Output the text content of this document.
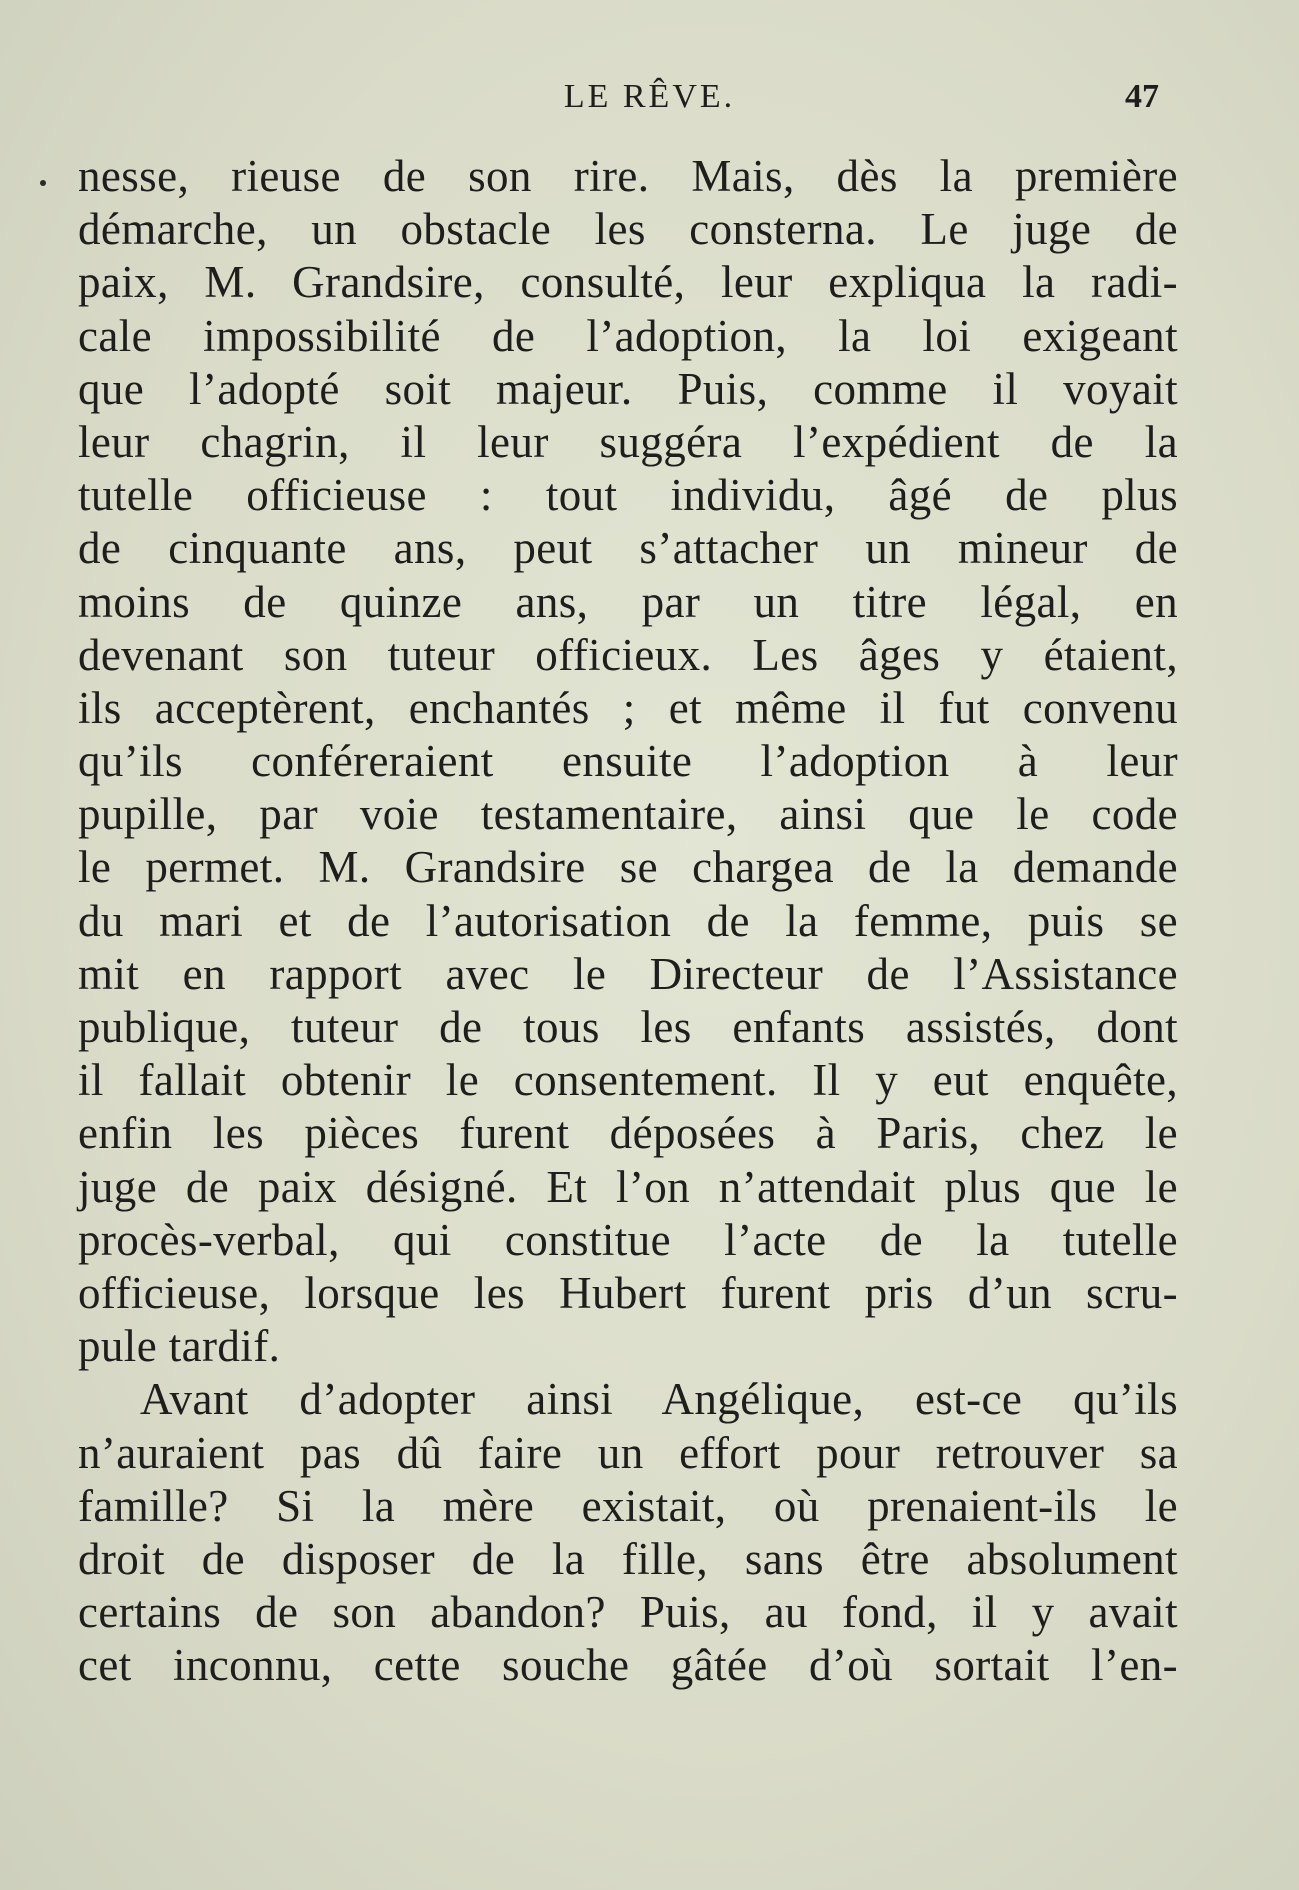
LE RÊVE.	47
nesse, rieuse de son rire. Mais, dès la première
démarche, un obstacle les consterna. Le juge de
paix, M. Grandsire, consulté, leur expliqua la radi-
cale impossibilité de l’adoption, la loi exigeant
que l’adopté soit majeur. Puis, comme il voyait
leur chagrin, il leur suggéra l’expédient de la
tutelle officieuse : tout individu, âgé de plus
de cinquante ans, peut s’attacher un mineur de
moins de quinze ans, par un titre légal, en
devenant son tuteur officieux. Les âges y étaient,
ils acceptèrent, enchantés ; et même il fut convenu
qu’ils conféreraient ensuite l’adoption à leur
pupille, par voie testamentaire, ainsi que le code
le permet. M. Grandsire se chargea de la demande
du mari et de l’autorisation de la femme, puis se
mit en rapport avec le Directeur de l’Assistance
publique, tuteur de tous les enfants assistés, dont
il fallait obtenir le consentement. Il y eut enquête,
enfin les pièces furent déposées à Paris, chez le
juge de paix désigné. Et l’on n’attendait plus que le
procès-verbal, qui constitue l’acte de la tutelle
officieuse, lorsque les Hubert furent pris d’un scru-
pule tardif.
Avant d’adopter ainsi Angélique, est-ce qu’ils
n’auraient pas dû faire un effort pour retrouver sa
famille? Si la mère existait, où prenaient-ils le
droit de disposer de la fille, sans être absolument
certains de son abandon? Puis, au fond, il y avait
cet inconnu, cette souche gâtée d’où sortait l’en-
